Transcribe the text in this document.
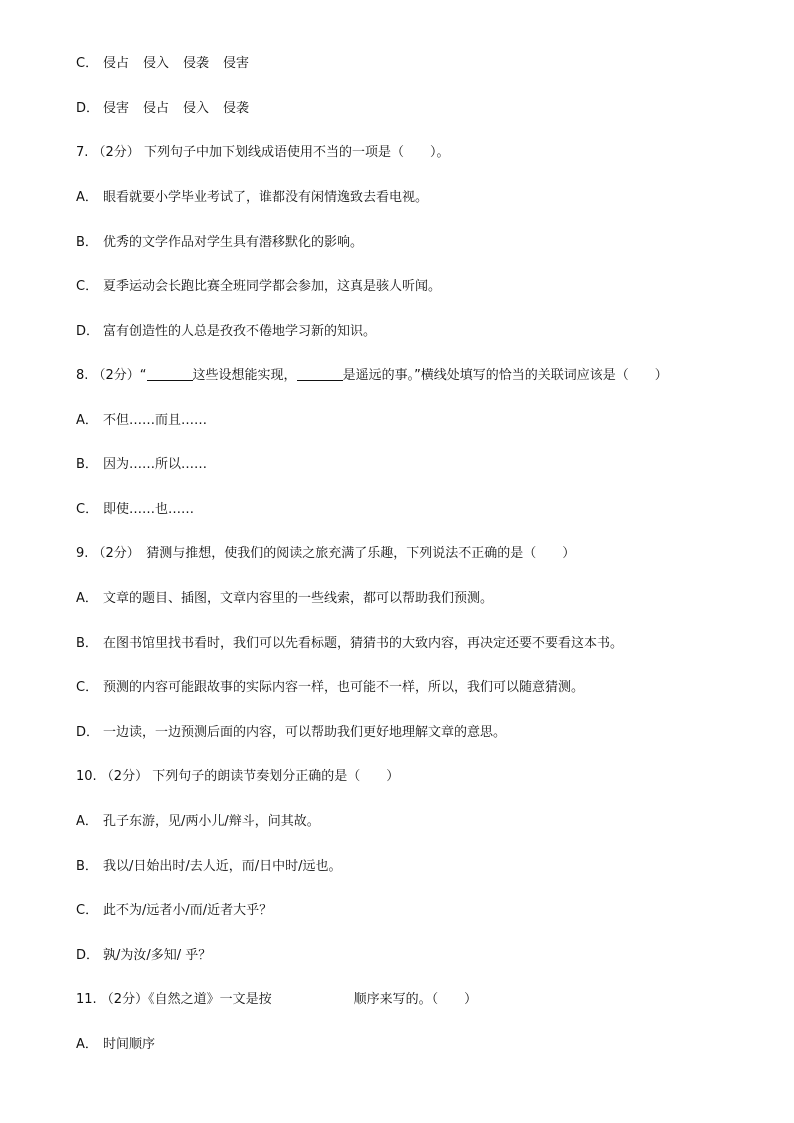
C． 侵占 侵入 侵袭 侵害
D． 侵害 侵占 侵入 侵袭
7. （2分） 下列句子中加下划线成语使用不当的一项是（　　）。
A． 眼看就要小学毕业考试了，谁都没有闲情逸致去看电视。
B． 优秀的文学作品对学生具有潜移默化的影响。
C． 夏季运动会长跑比赛全班同学都会参加，这真是骇人听闻。
D． 富有创造性的人总是孜孜不倦地学习新的知识。
8. （2分）“	这些设想能实现，	是遥远的事。”横线处填写的恰当的关联词应该是（　　）
A． 不但……而且……
B． 因为……所以……
C． 即使……也……
9. （2分）　猜测与推想，使我们的阅读之旅充满了乐趣，下列说法不正确的是（　　）
A． 文章的题目、插图，文章内容里的一些线索，都可以帮助我们预测。
B． 在图书馆里找书看时，我们可以先看标题，猜猜书的大致内容，再决定还要不要看这本书。
C． 预测的内容可能跟故事的实际内容一样，也可能不一样，所以，我们可以随意猜测。
D． 一边读，一边预测后面的内容，可以帮助我们更好地理解文章的意思。
10. （2分） 下列句子的朗读节奏划分正确的是（　　）
A． 孔子东游，见/两小儿/辩斗，问其故。
B． 我以/日始出时/去人近，而/日中时/远也。
C． 此不为/远者小/而/近者大乎？
D． 孰/为汝/多知/ 乎？
11. （2分）《自然之道》一文是按	顺序来写的。（　　）
A． 时间顺序
